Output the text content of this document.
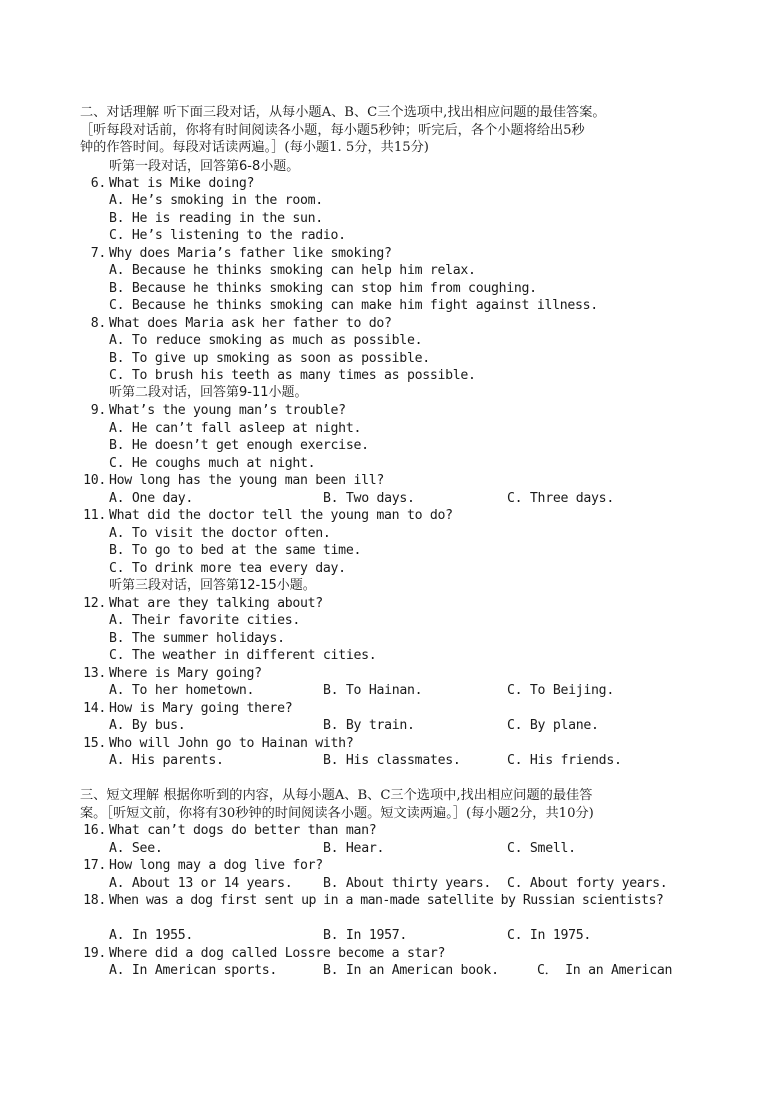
二、对话理解 听下面三段对话，从每小题A、B、C三个选项中,找出相应问题的最佳答案。

［听每段对话前，你将有时间阅读各小题，每小题5秒钟；听完后，各个小题将给出5秒

钟的作答时间。每段对话读两遍。］(每小题1. 5分，共15分)

听第一段对话，回答第6-8小题。
6. What is Mike doing?
A. He’s smoking in the room.
B. He is reading in the sun.
C. He’s listening to the radio.
7. Why does Maria’s father like smoking?
A. Because he thinks smoking can help him relax.
B. Because he thinks smoking can stop him from coughing.
C. Because he thinks smoking can make him fight against illness.
8. What does Maria ask her father to do?
A. To reduce smoking as much as possible.
B. To give up smoking as soon as possible.
C. To brush his teeth as many times as possible.
听第二段对话，回答第9-11小题。
9. What’s the young man’s trouble?
A. He can’t fall asleep at night.
B. He doesn’t get enough exercise.
C. He coughs much at night.
10. How long has the young man been ill?
A. One day.	B. Two days.	C. Three days.
11. What did the doctor tell the young man to do?
A. To visit the doctor often.
B. To go to bed at the same time.
C. To drink more tea every day.
听第三段对话，回答第12-15小题。
12. What are they talking about?
A. Their favorite cities.
B. The summer holidays.
C. The weather in different cities.
13. Where is Mary going?
A. To her hometown.	B. To Hainan.	C. To Beijing.
14. How is Mary going there?
A. By bus.	B. By train.	C. By plane.
15. Who will John go to Hainan with?
A. His parents.	B. His classmates.	C. His friends.

三、短文理解 根据你听到的内容，从每小题A、B、C三个选项中,找出相应问题的最佳答

案。［听短文前，你将有30秒钟的时间阅读各小题。短文读两遍。］(每小题2分，共10分)

16. What can’t dogs do better than man?
A. See.	B. Hear.	C. Smell.
17. How long may a dog live for?
A. About 13 or 14 years. B. About thirty years. C. About forty years.
18. When was a dog first sent up in a man-made satellite by Russian scientists?
A. In 1955.	B. In 1957.	C. In 1975.
19. Where did a dog called Lossre become a star?
A. In American sports.	B. In an American book.	C． In an American
